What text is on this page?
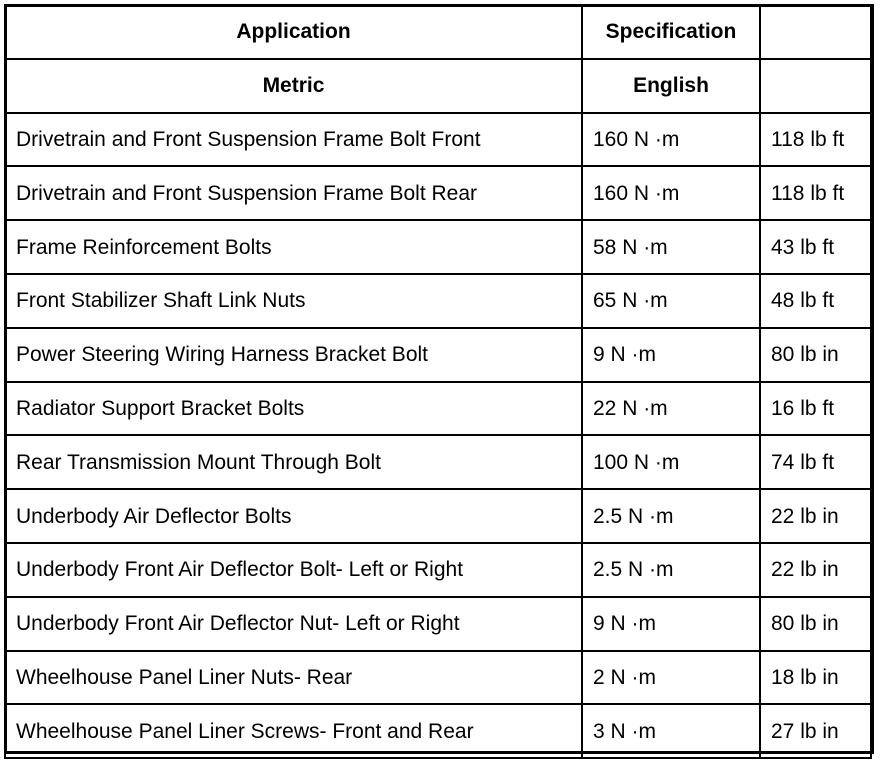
Application	Specification	
Metric	English	
Drivetrain and Front Suspension Frame Bolt Front	160 N ·m	118 lb ft
Drivetrain and Front Suspension Frame Bolt Rear	160 N ·m	118 lb ft
Frame Reinforcement Bolts	58 N ·m	43 lb ft
Front Stabilizer Shaft Link Nuts	65 N ·m	48 lb ft
Power Steering Wiring Harness Bracket Bolt	9 N ·m	80 lb in
Radiator Support Bracket Bolts	22 N ·m	16 lb ft
Rear Transmission Mount Through Bolt	100 N ·m	74 lb ft
Underbody Air Deflector Bolts	2.5 N ·m	22 lb in
Underbody Front Air Deflector Bolt- Left or Right	2.5 N ·m	22 lb in
Underbody Front Air Deflector Nut- Left or Right	9 N ·m	80 lb in
Wheelhouse Panel Liner Nuts- Rear	2 N ·m	18 lb in
Wheelhouse Panel Liner Screws- Front and Rear	3 N ·m	27 lb in
